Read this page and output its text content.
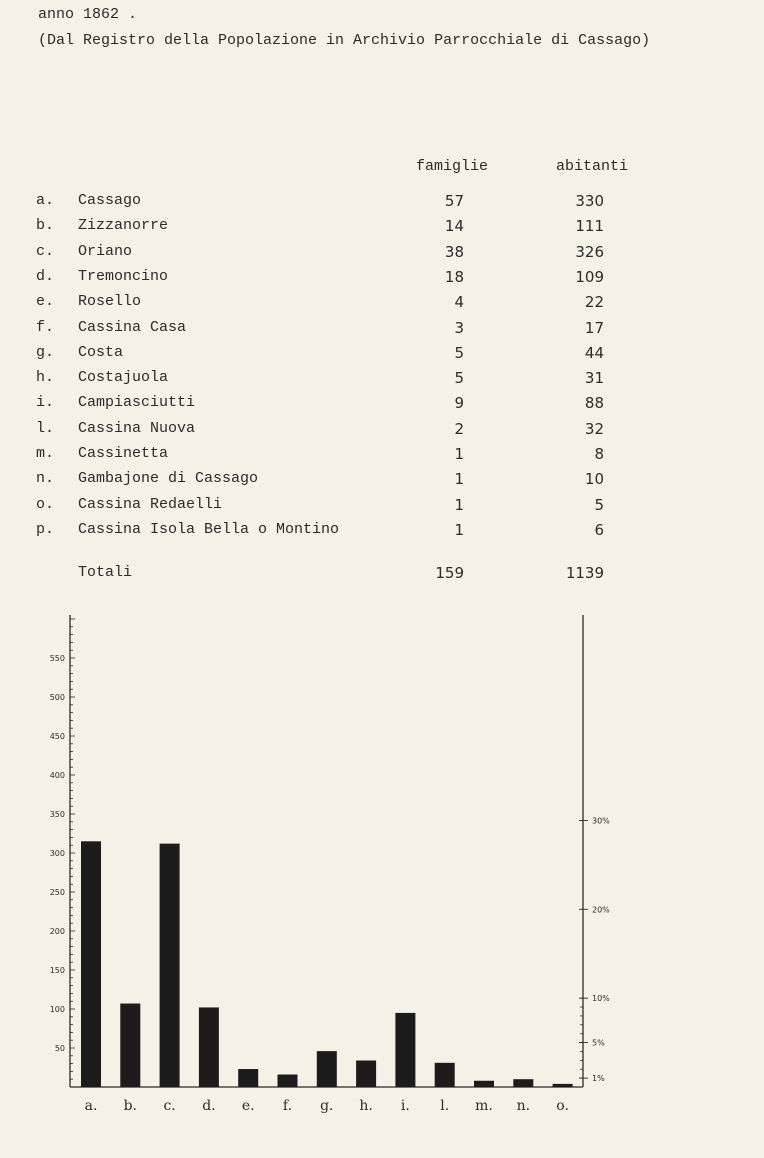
anno 1862 .
(Dal Registro della Popolazione in Archivio Parrocchiale di Cassago)
famiglie	abitanti
a. Cassago	57	330
b. Zizzanorre	14	111
c. Oriano	38	326
d. Tremoncino	18	109
e. Rosello	4	22
f. Cassina Casa	3	17
g. Costa	5	44
h. Costajuola	5	31
i. Campiasciutti	9	88
l. Cassina Nuova	2	32
m. Cassinetta	1	8
n. Gambajone di Cassago	1	10
o. Cassina Redaelli	1	5
p. Cassina Isola Bella o Montino	1	6
Totali	159	1139
50
100
150
200
250
300
350
400
450
500
550
1%
5%
10%
20%
30%
a. b. c. d. e. f. g. h. i. l. m. n. o.
